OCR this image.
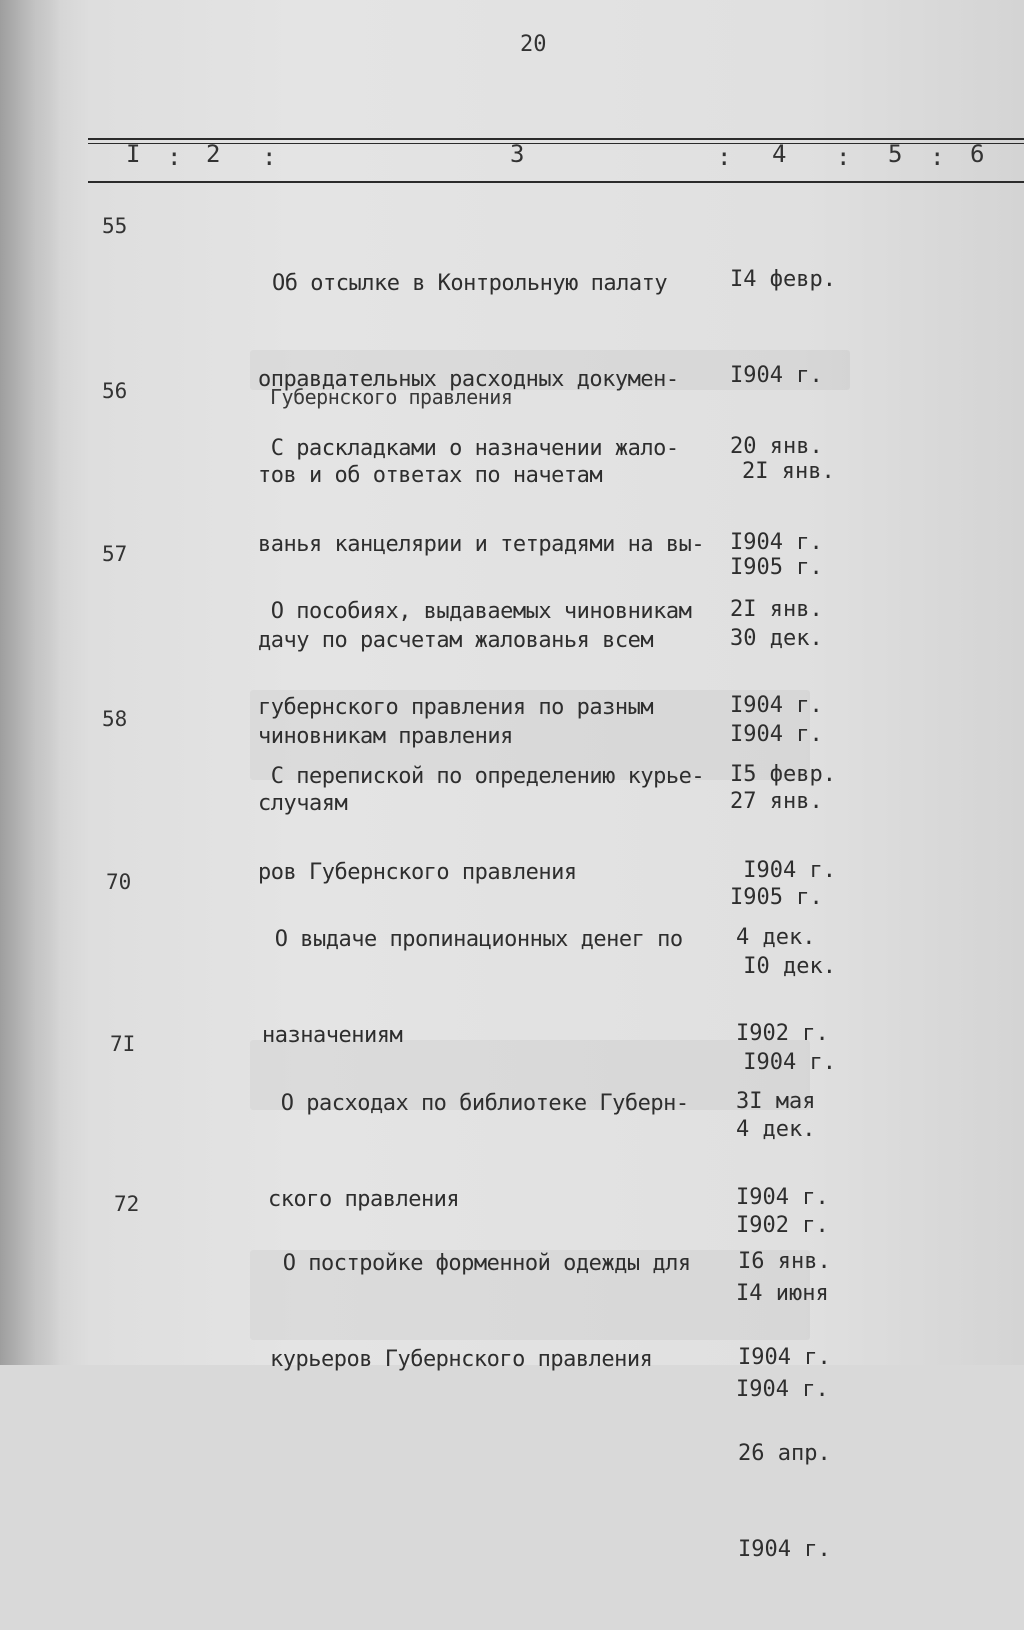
20
I : 2 :	3	: 4 : 5 : 6
55

Об отсылке в Контрольную палату

оправдательных расходных докумен-

тов и об ответах по начетам

I4 февр.

I904 г.

2I янв.

I905 г.

56

С раскладками о назначении жало-

ванья канцелярии и тетрадями на вы-

дачу по расчетам жалованья всем

чиновникам правления

Губернского правления

20 янв.

I904 г.

30 дек.

I904 г.

57

О пособиях, выдаваемых чиновникам

губернского правления по разным

случаям

2I янв.

I904 г.

27 янв.

I905 г.

58

С перепиской по определению курье-

ров Губернского правления

I5 февр.

I904 г.

I0 дек.

I904 г.

70

О выдаче пропинационных денег по

назначениям

4 дек.

I902 г.

4 дек.

I902 г.

7I

О расходах по библиотеке Губерн-

ского правления

3I мая

I904 г.

I4 июня

I904 г.

72

О постройке форменной одежды для

курьеров Губернского правления

I6 янв.

I904 г.

26 апр.

I904 г.
